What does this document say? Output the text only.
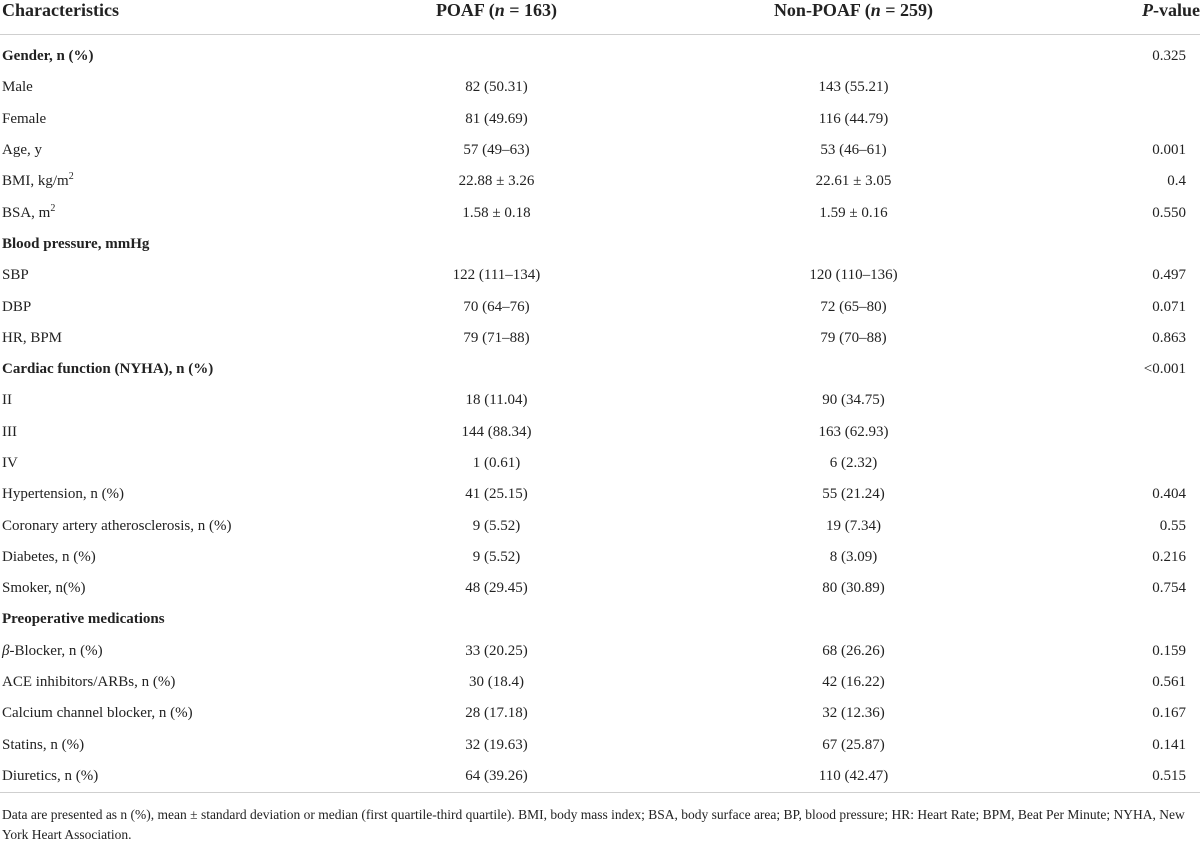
Characteristics	POAF (n = 163)	Non-POAF (n = 259)	P-value

Gender, n (%)			0.325
Male	82 (50.31)	143 (55.21)	
Female	81 (49.69)	116 (44.79)	
Age, y	57 (49–63)	53 (46–61)	0.001
BMI, $kg/m^2$	22.88 ± 3.26	22.61 ± 3.05	0.4
BSA, $m^2$	1.58 ± 0.18	1.59 ± 0.16	0.550
Blood pressure, mmHg			
SBP	122 (111–134)	120 (110–136)	0.497
DBP	70 (64–76)	72 (65–80)	0.071
HR, BPM	79 (71–88)	79 (70–88)	0.863
Cardiac function (NYHA), n (%)			<0.001
II	18 (11.04)	90 (34.75)	
III	144 (88.34)	163 (62.93)	
IV	1 (0.61)	6 (2.32)	
Hypertension, n (%)	41 (25.15)	55 (21.24)	0.404
Coronary artery atherosclerosis, n (%)	9 (5.52)	19 (7.34)	0.55
Diabetes, n (%)	9 (5.52)	8 (3.09)	0.216
Smoker, n(%)	48 (29.45)	80 (30.89)	0.754
Preoperative medications			
β-Blocker, n (%)	33 (20.25)	68 (26.26)	0.159
ACE inhibitors/ARBs, n (%)	30 (18.4)	42 (16.22)	0.561
Calcium channel blocker, n (%)	28 (17.18)	32 (12.36)	0.167
Statins, n (%)	32 (19.63)	67 (25.87)	0.141
Diuretics, n (%)	64 (39.26)	110 (42.47)	0.515
Data are presented as n (%), mean ± standard deviation or median (first quartile-third quartile). BMI, body mass index; BSA, body surface area; BP, blood pressure; HR: Heart Rate; BPM, Beat Per Minute; NYHA, New York Heart Association.
